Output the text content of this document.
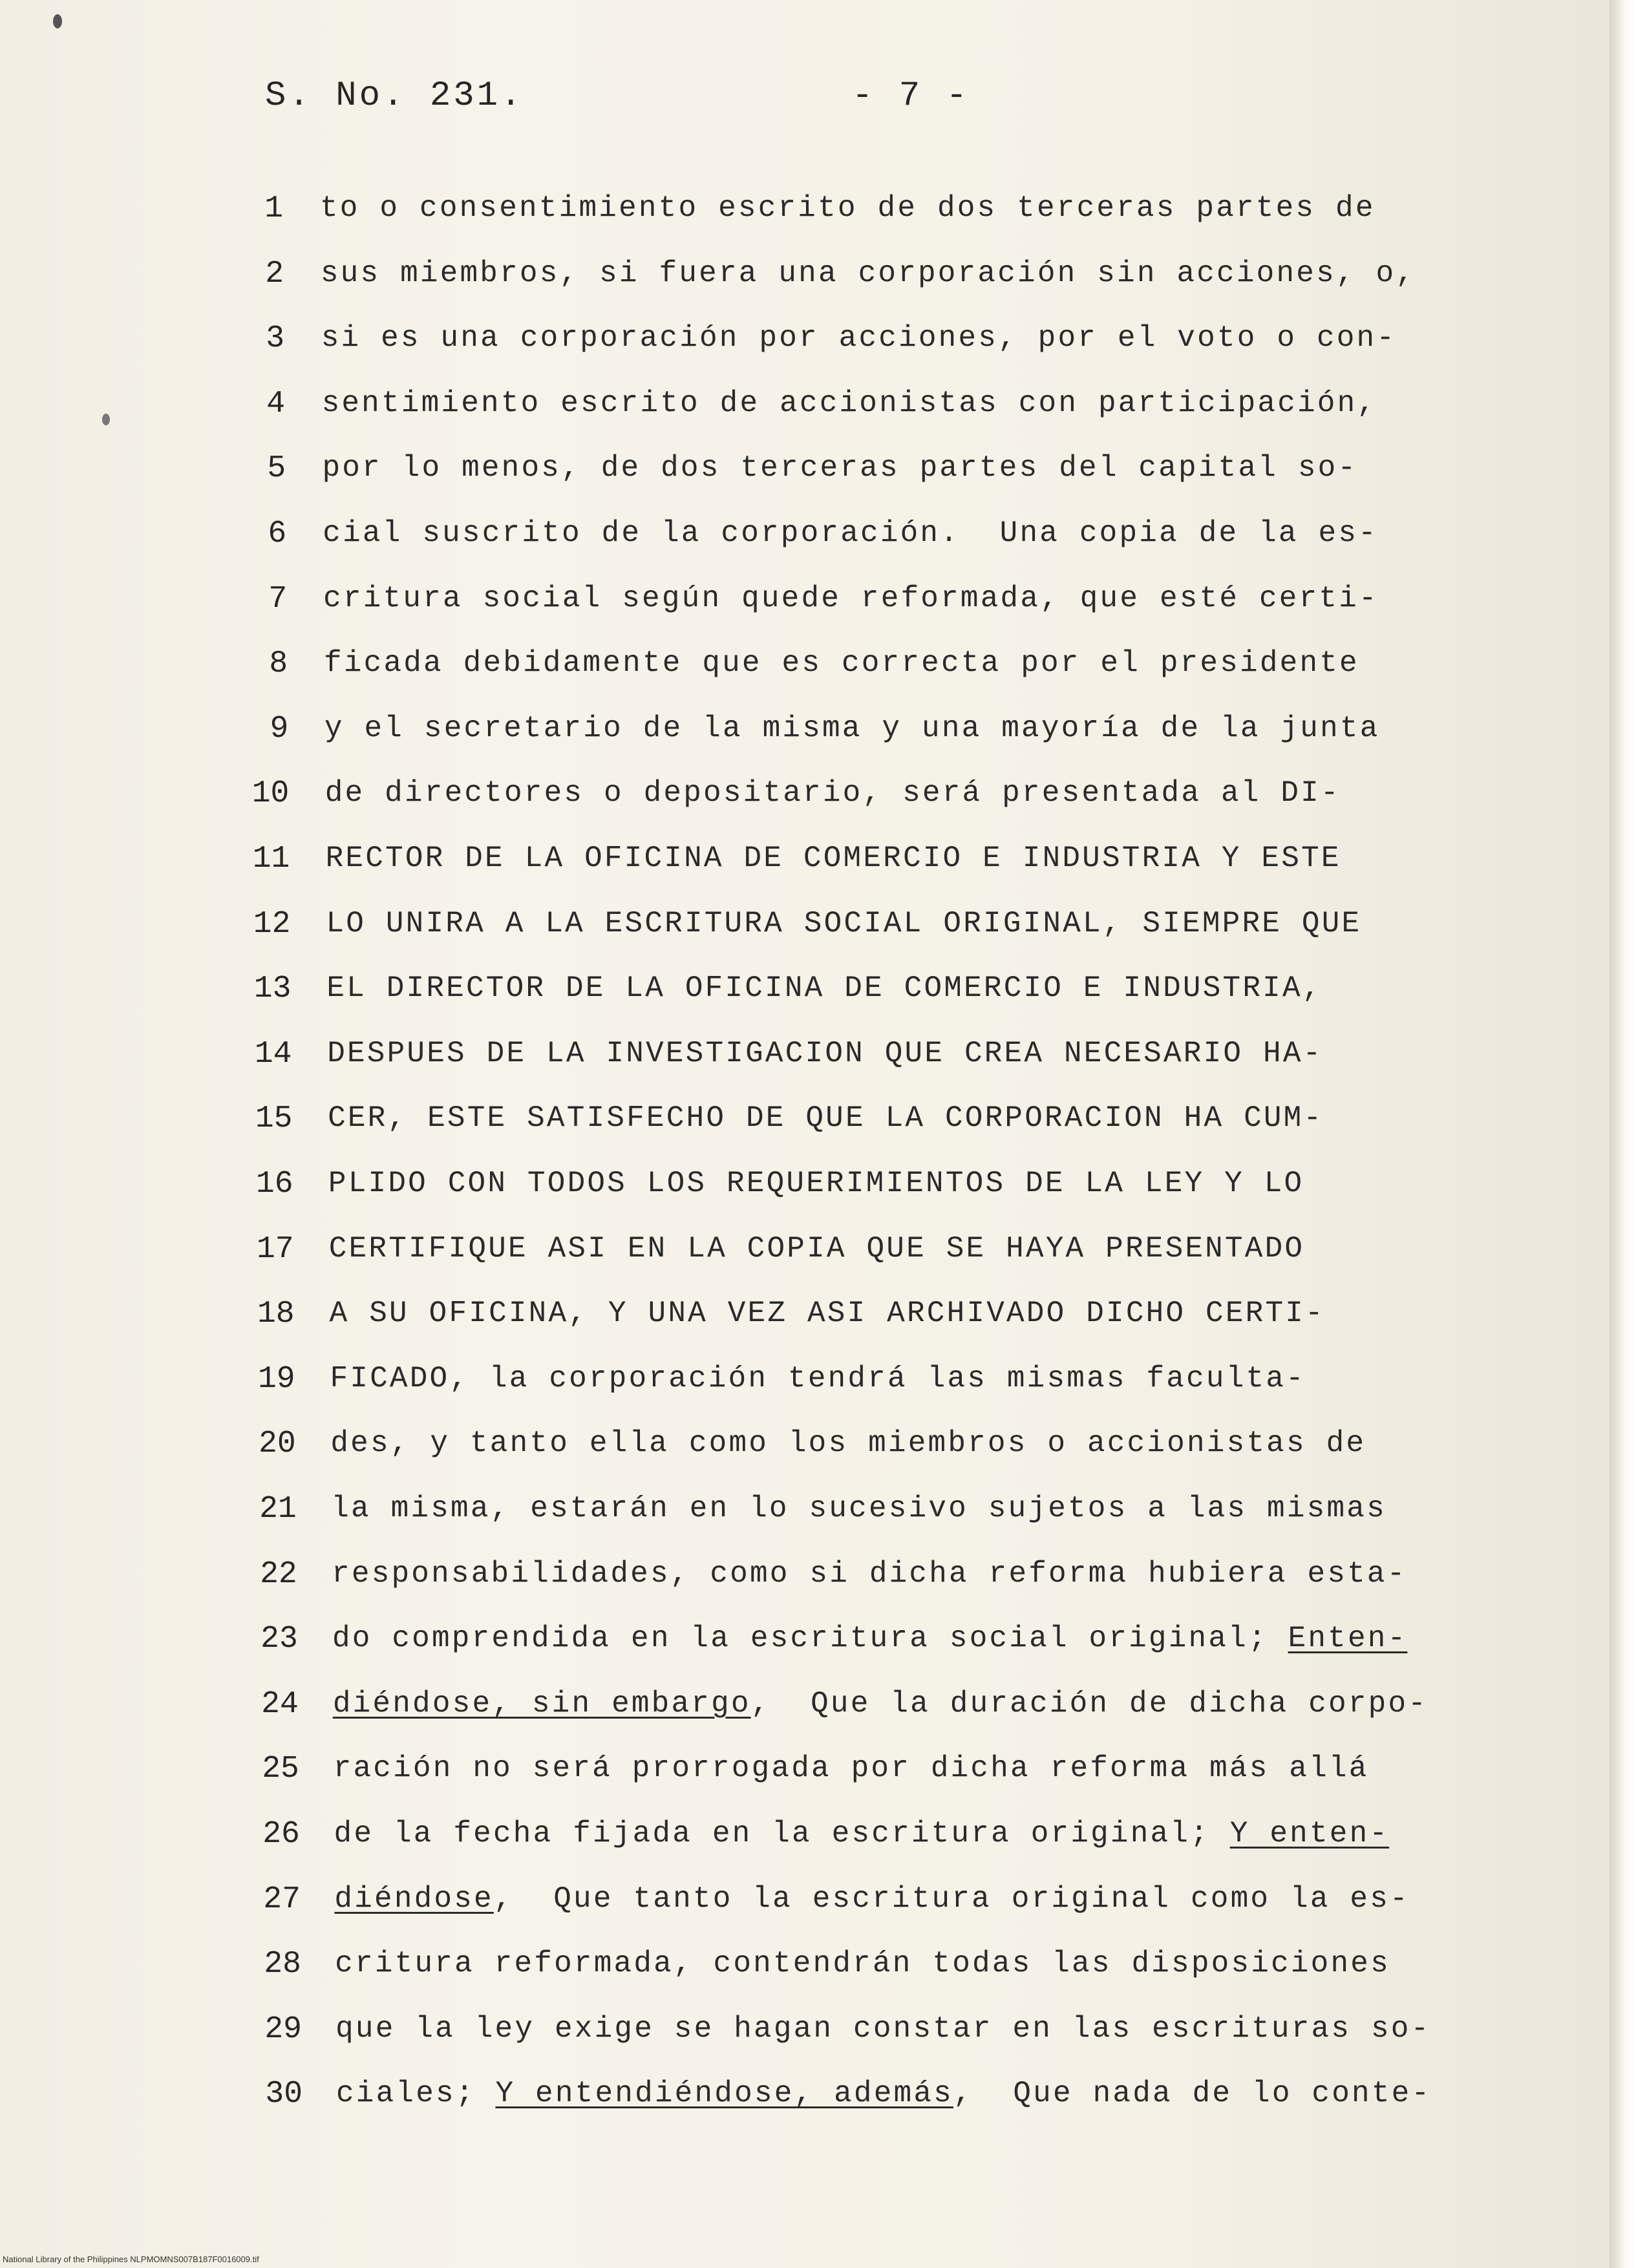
S. No. 231.	- 7 -
1 to o consentimiento escrito de dos terceras partes de
2 sus miembros, si fuera una corporación sin acciones, o,
3 si es una corporación por acciones, por el voto o con-
4 sentimiento escrito de accionistas con participación,
5 por lo menos, de dos terceras partes del capital so-
6 cial suscrito de la corporación.  Una copia de la es-
7 critura social según quede reformada, que esté certi-
8 ficada debidamente que es correcta por el presidente
9 y el secretario de la misma y una mayoría de la junta
10 de directores o depositario, será presentada al DI-
11 RECTOR DE LA OFICINA DE COMERCIO E INDUSTRIA Y ESTE
12 LO UNIRA A LA ESCRITURA SOCIAL ORIGINAL, SIEMPRE QUE
13 EL DIRECTOR DE LA OFICINA DE COMERCIO E INDUSTRIA,
14 DESPUES DE LA INVESTIGACION QUE CREA NECESARIO HA-
15 CER, ESTE SATISFECHO DE QUE LA CORPORACION HA CUM-
16 PLIDO CON TODOS LOS REQUERIMIENTOS DE LA LEY Y LO
17 CERTIFIQUE ASI EN LA COPIA QUE SE HAYA PRESENTADO
18 A SU OFICINA, Y UNA VEZ ASI ARCHIVADO DICHO CERTI-
19 FICADO, la corporación tendrá las mismas faculta-
20 des, y tanto ella como los miembros o accionistas de
21 la misma, estarán en lo sucesivo sujetos a las mismas
22 responsabilidades, como si dicha reforma hubiera esta-
23 do comprendida en la escritura social original; Enten-
24 diéndose, sin embargo,  Que la duración de dicha corpo-
25 ración no será prorrogada por dicha reforma más allá
26 de la fecha fijada en la escritura original; Y enten-
27 diéndose,  Que tanto la escritura original como la es-
28 critura reformada, contendrán todas las disposiciones
29 que la ley exige se hagan constar en las escrituras so-
30 ciales; Y entendiéndose, además,  Que nada de lo conte-
National Library of the Philippines NLPMOMNS007B187F0016009.tif
